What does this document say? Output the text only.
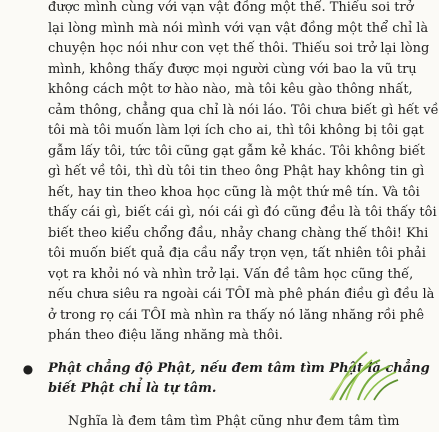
được mình cùng với vạn vật đồng một thể. Thiếu soi trở
lại lòng mình mà nói mình với vạn vật đồng một thể chỉ là
chuyện học nói như con vẹt thế thôi. Thiếu soi trở lại lòng
mình, không thấy được mọi người cùng với bao la vũ trụ
không cách một tơ hào nào, mà tôi kêu gào thông nhất,
cảm thông, chẳng qua chỉ là nói láo. Tôi chưa biết gì hết về
tôi mà tôi muốn làm lợi ích cho ai, thì tôi không bị tôi gạt
gẫm lấy tôi, tức tôi cũng gạt gẫm kẻ khác. Tôi không biết
gì hết về tôi, thì dù tôi tin theo ông Phật hay không tin gì
hết, hay tin theo khoa học cũng là một thứ mê tín. Và tôi
thấy cái gì, biết cái gì, nói cái gì đó cũng đều là tôi thấy tôi
biết theo kiểu chổng đầu, nhảy chang chàng thế thôi! Khi
tôi muốn biết quả địa cầu nẩy trọn vẹn, tất nhiên tôi phải
vọt ra khỏi nó và nhìn trở lại. Vấn đề tâm học cũng thế,
nếu chưa siêu ra ngoài cái TÔI mà phê phán điều gì đều là
ở trong rọ cái TÔI mà nhìn ra thấy nó lăng nhăng rồi phê
phán theo điệu lăng nhăng mà thôi.
●	Phật chẳng độ Phật, nếu đem tâm tìm Phật là chẳng
biết Phật chỉ là tự tâm.
Nghĩa là đem tâm tìm Phật cũng như đem tâm tìm
